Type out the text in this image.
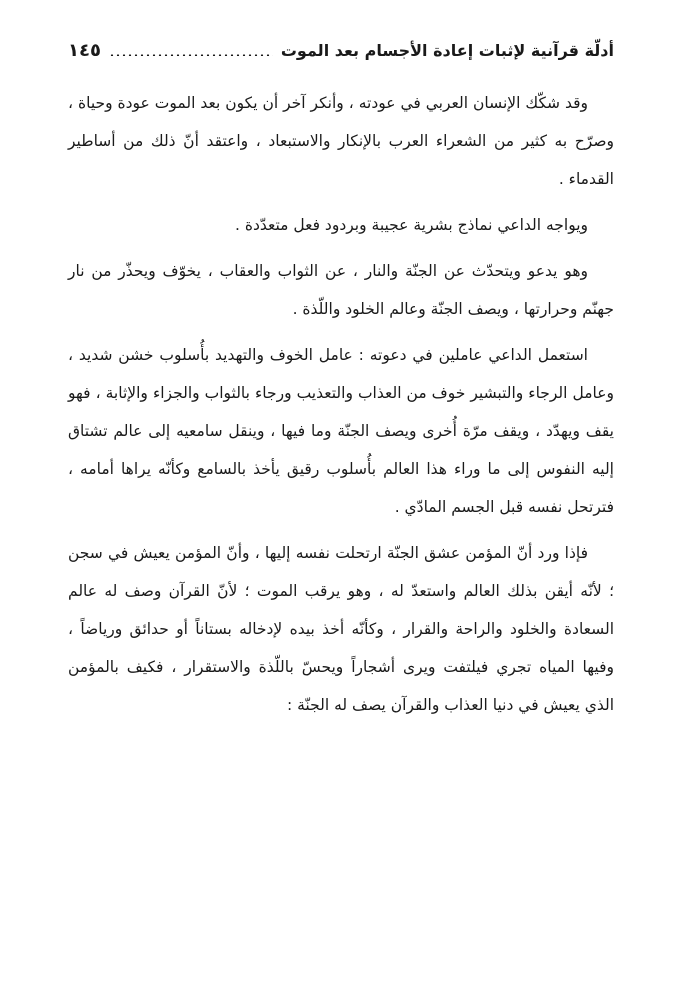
أدلّة قرآنية لإثبات إعادة الأجسام بعد الموت
١٤٥

وقد شكّك الإنسان العربي في عودته ، وأنكر آخر أن يكون بعد الموت عودة وحياة ، وصرّح به كثير من الشعراء العرب بالإنكار والاستبعاد ، واعتقد أنّ ذلك من أساطير القدماء .

ويواجه الداعي نماذج بشرية عجيبة وبردود فعل متعدّدة .

وهو يدعو ويتحدّث عن الجنّة والنار ، عن الثواب والعقاب ، يخوّف ويحذّر من نار جهنّم وحرارتها ، ويصف الجنّة وعالم الخلود واللّذة .

استعمل الداعي عاملين في دعوته : عامل الخوف والتهديد بأُسلوب خشن شديد ، وعامل الرجاء والتبشير خوف من العذاب والتعذيب ورجاء بالثواب والجزاء والإثابة ، فهو يقف ويهدّد ، ويقف مرّة أُخرى ويصف الجنّة وما فيها ، وينقل سامعيه إلى عالم تشتاق إليه النفوس إلى ما وراء هذا العالم بأُسلوب رقيق يأخذ بالسامع وكأنّه يراها أمامه ، فترتحل نفسه قبل الجسم المادّي .

فإذا ورد أنّ المؤمن عشق الجنّة ارتحلت نفسه إليها ، وأنّ المؤمن يعيش في سجن ؛ لأنّه أيقن بذلك العالم واستعدّ له ، وهو يرقب الموت ؛ لأنّ القرآن وصف له عالم السعادة والخلود والراحة والقرار ، وكأنّه أخذ بيده لإدخاله بستاناً أو حدائق ورياضاً ، وفيها المياه تجري فيلتفت ويرى أشجاراً ويحسّ باللّذة والاستقرار ، فكيف بالمؤمن الذي يعيش في دنيا العذاب والقرآن يصف له الجنّة :
